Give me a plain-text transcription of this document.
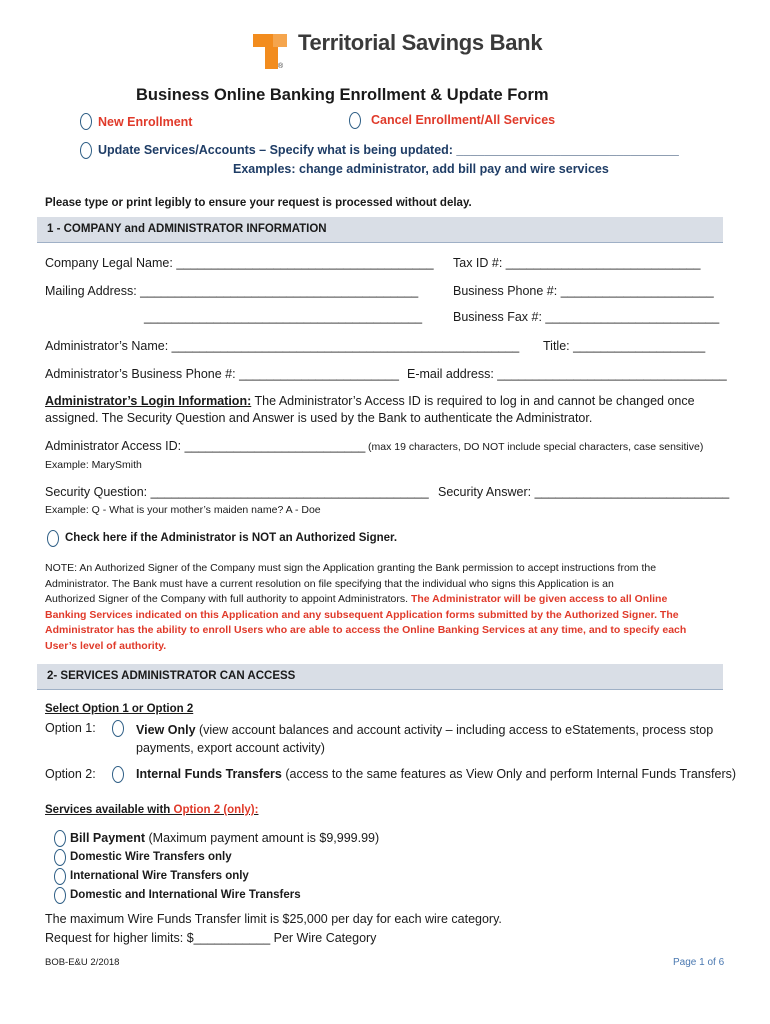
Territorial Savings Bank
®
Business Online Banking Enrollment & Update Form
New Enrollment	Cancel Enrollment/All Services
Update Services/Accounts – Specify what is being updated: ________________________________
Examples: change administrator, add bill pay and wire services
Please type or print legibly to ensure your request is processed without delay.
1 - COMPANY and ADMINISTRATOR INFORMATION
Company Legal Name: _____________________________________ Tax ID #: ____________________________
Mailing Address: ________________________________________	Business Phone #: ______________________
________________________________________ Business Fax #: _________________________
Administrator’s Name: __________________________________________________ Title: ___________________
Administrator’s Business Phone #: _______________________ E-mail address: _________________________________
Administrator’s Login Information: The Administrator’s Access ID is required to log in and cannot be changed once
assigned. The Security Question and Answer is used by the Bank to authenticate the Administrator.
Administrator Access ID: __________________________ (max 19 characters, DO NOT include special characters, case sensitive)
Example: MarySmith
Security Question: ________________________________________ Security Answer: ____________________________
Example: Q - What is your mother’s maiden name? A - Doe
Check here if the Administrator is NOT an Authorized Signer.
NOTE: An Authorized Signer of the Company must sign the Application granting the Bank permission to accept instructions from the
Administrator. The Bank must have a current resolution on file specifying that the individual who signs this Application is an
Authorized Signer of the Company with full authority to appoint Administrators. The Administrator will be given access to all Online
Banking Services indicated on this Application and any subsequent Application forms submitted by the Authorized Signer. The
Administrator has the ability to enroll Users who are able to access the Online Banking Services at any time, and to specify each
User’s level of authority.
2- SERVICES ADMINISTRATOR CAN ACCESS
Select Option 1 or Option 2
Option 1:	View Only (view account balances and account activity – including access to eStatements, process stop
payments, export account activity)
Option 2:	Internal Funds Transfers (access to the same features as View Only and perform Internal Funds Transfers)
Services available with Option 2 (only):
Bill Payment (Maximum payment amount is $9,999.99)
Domestic Wire Transfers only
International Wire Transfers only
Domestic and International Wire Transfers
The maximum Wire Funds Transfer limit is $25,000 per day for each wire category.
Request for higher limits: $___________ Per Wire Category
BOB-E&U 2/2018	Page 1 of 6
